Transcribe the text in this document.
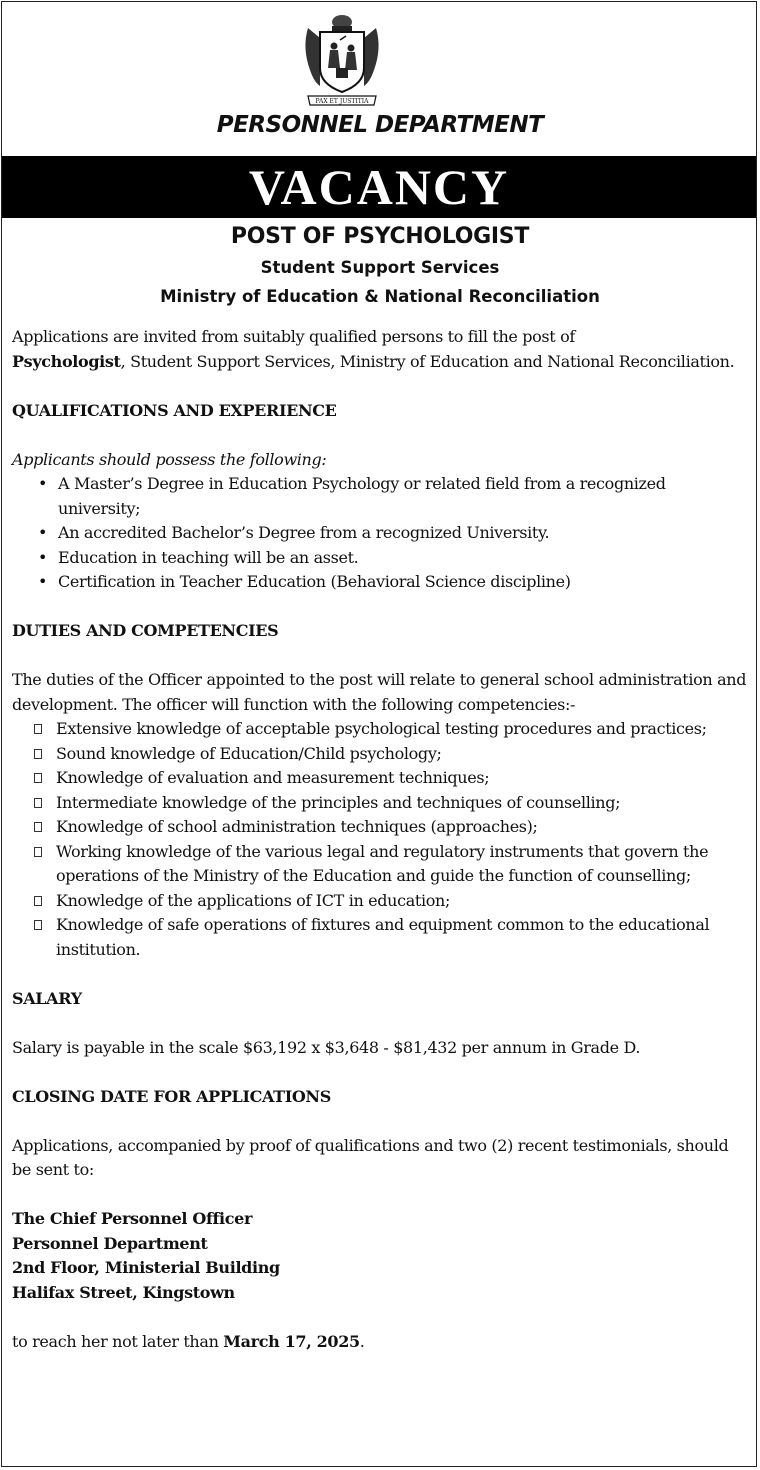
PAX ET JUSTITIA
PERSONNEL DEPARTMENT
VACANCY
POST OF PSYCHOLOGIST
Student Support Services
Ministry of Education & National Reconciliation

Applications are invited from suitably qualified persons to fill the post of
Psychologist, Student Support Services, Ministry of Education and National Reconciliation.

QUALIFICATIONS AND EXPERIENCE

Applicants should possess the following:

• A Master’s Degree in Education Psychology or related field from a recognized university;
• An accredited Bachelor’s Degree from a recognized University.
• Education in teaching will be an asset.
• Certification in Teacher Education (Behavioral Science discipline)

DUTIES AND COMPETENCIES

The duties of the Officer appointed to the post will relate to general school administration and development. The officer will function with the following competencies:-

Extensive knowledge of acceptable psychological testing procedures and practices;
Sound knowledge of Education/Child psychology;
Knowledge of evaluation and measurement techniques;
Intermediate knowledge of the principles and techniques of counselling;
Knowledge of school administration techniques (approaches);
Working knowledge of the various legal and regulatory instruments that govern the operations of the Ministry of the Education and guide the function of counselling;
Knowledge of the applications of ICT in education;
Knowledge of safe operations of fixtures and equipment common to the educational institution.

SALARY

Salary is payable in the scale $63,192 x $3,648 - $81,432 per annum in Grade D.

CLOSING DATE FOR APPLICATIONS

Applications, accompanied by proof of qualifications and two (2) recent testimonials, should be sent to:

The Chief Personnel Officer

Personnel Department

2nd Floor, Ministerial Building

Halifax Street, Kingstown

to reach her not later than March 17, 2025.
